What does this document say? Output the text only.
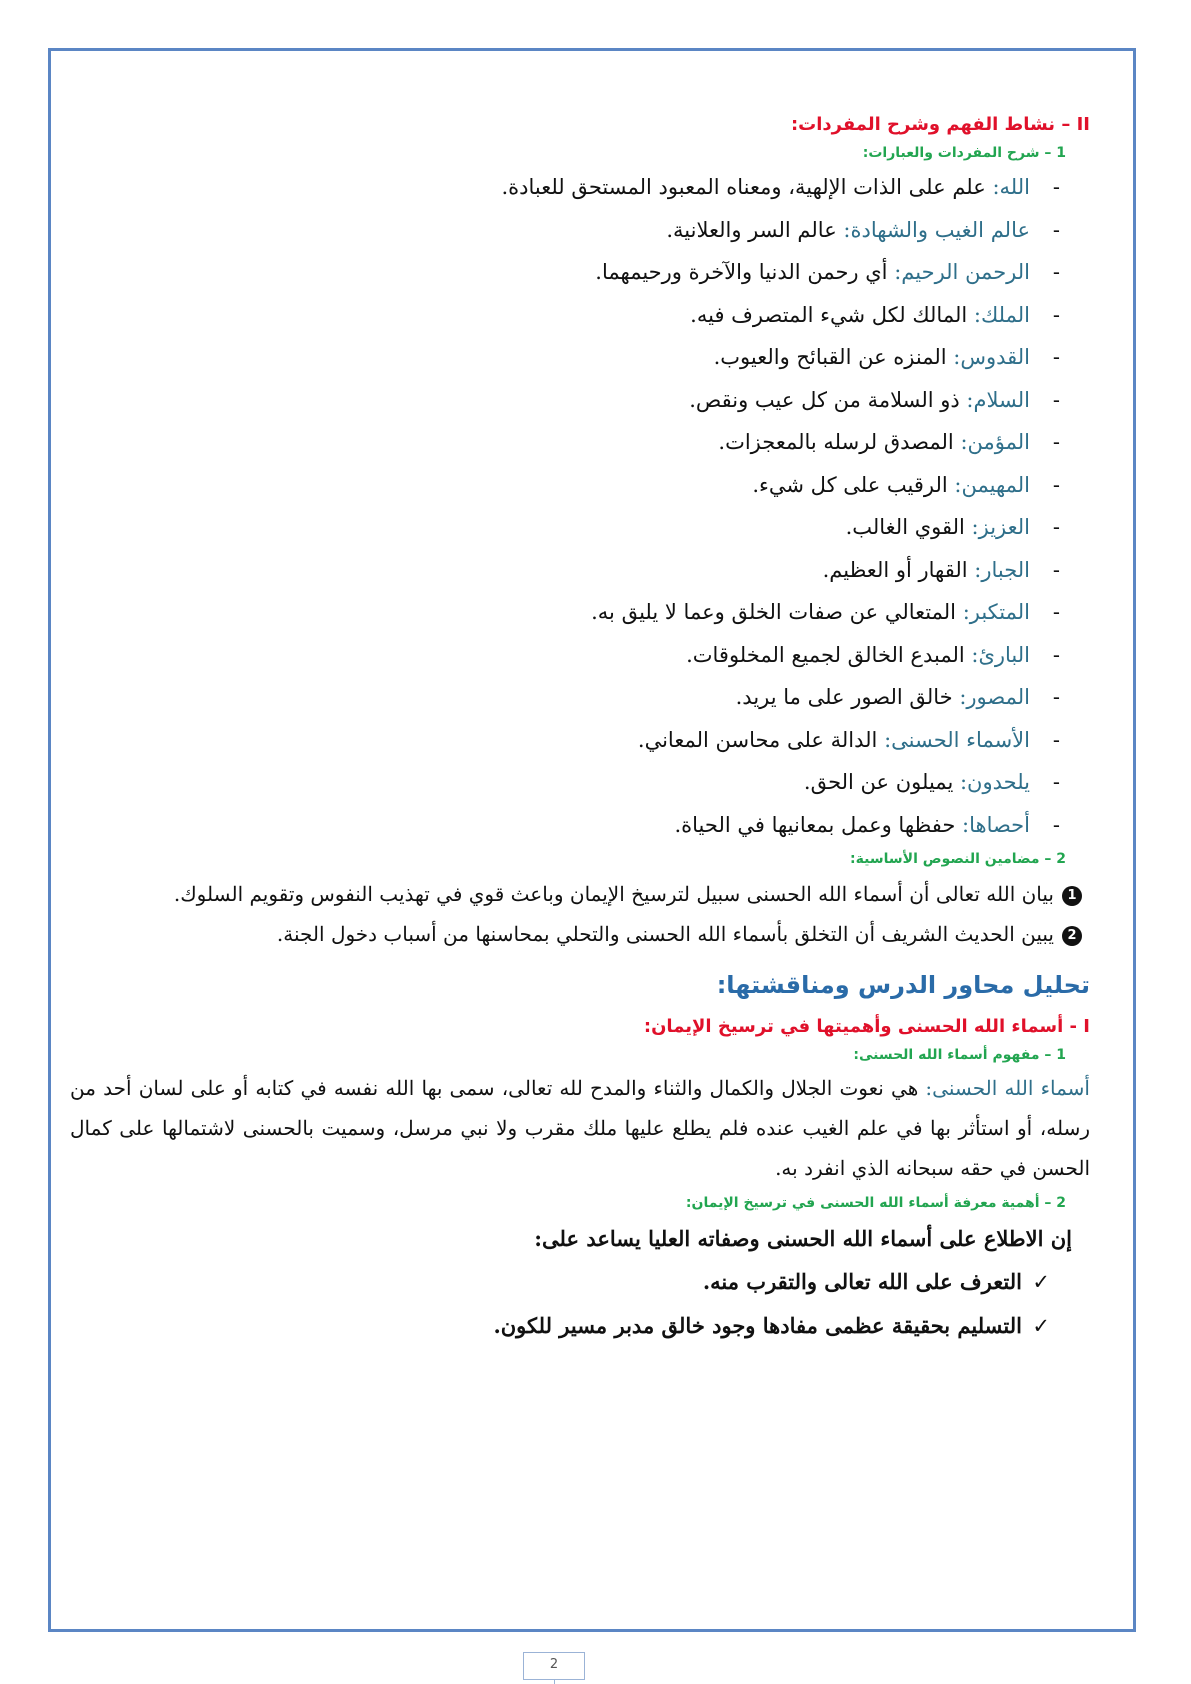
II – نشاط الفهم وشرح المفردات:
1 – شرح المفردات والعبارات:
-الله: علم على الذات الإلهية، ومعناه المعبود المستحق للعبادة.
-عالم الغيب والشهادة: عالم السر والعلانية.
-الرحمن الرحيم: أي رحمن الدنيا والآخرة ورحيمهما.
-الملك: المالك لكل شيء المتصرف فيه.
-القدوس: المنزه عن القبائح والعيوب.
-السلام: ذو السلامة من كل عيب ونقص.
-المؤمن: المصدق لرسله بالمعجزات.
-المهيمن: الرقيب على كل شيء.
-العزيز: القوي الغالب.
-الجبار: القهار أو العظيم.
-المتكبر: المتعالي عن صفات الخلق وعما لا يليق به.
-البارئ: المبدع الخالق لجميع المخلوقات.
-المصور: خالق الصور على ما يريد.
-الأسماء الحسنى: الدالة على محاسن المعاني.
-يلحدون: يميلون عن الحق.
-أحصاها: حفظها وعمل بمعانيها في الحياة.
2 – مضامين النصوص الأساسية:
1بيان الله تعالى أن أسماء الله الحسنى سبيل لترسيخ الإيمان وباعث قوي في تهذيب النفوس وتقويم السلوك.
2يبين الحديث الشريف أن التخلق بأسماء الله الحسنى والتحلي بمحاسنها من أسباب دخول الجنة.
تحليل محاور الدرس ومناقشتها:
I - أسماء الله الحسنى وأهميتها في ترسيخ الإيمان:
1 – مفهوم أسماء الله الحسنى:

أسماء الله الحسنى: هي نعوت الجلال والكمال والثناء والمدح لله تعالى، سمى بها الله نفسه في كتابه أو على لسان أحد من رسله، أو استأثر بها في علم الغيب عنده فلم يطلع عليها ملك مقرب ولا نبي مرسل، وسميت بالحسنى لاشتمالها على كمال الحسن في حقه سبحانه الذي انفرد به.

2 – أهمية معرفة أسماء الله الحسنى في ترسيخ الإيمان:
إن الاطلاع على أسماء الله الحسنى وصفاته العليا يساعد على:
✓التعرف على الله تعالى والتقرب منه.
✓التسليم بحقيقة عظمى مفادها وجود خالق مدبر مسير للكون.
2
